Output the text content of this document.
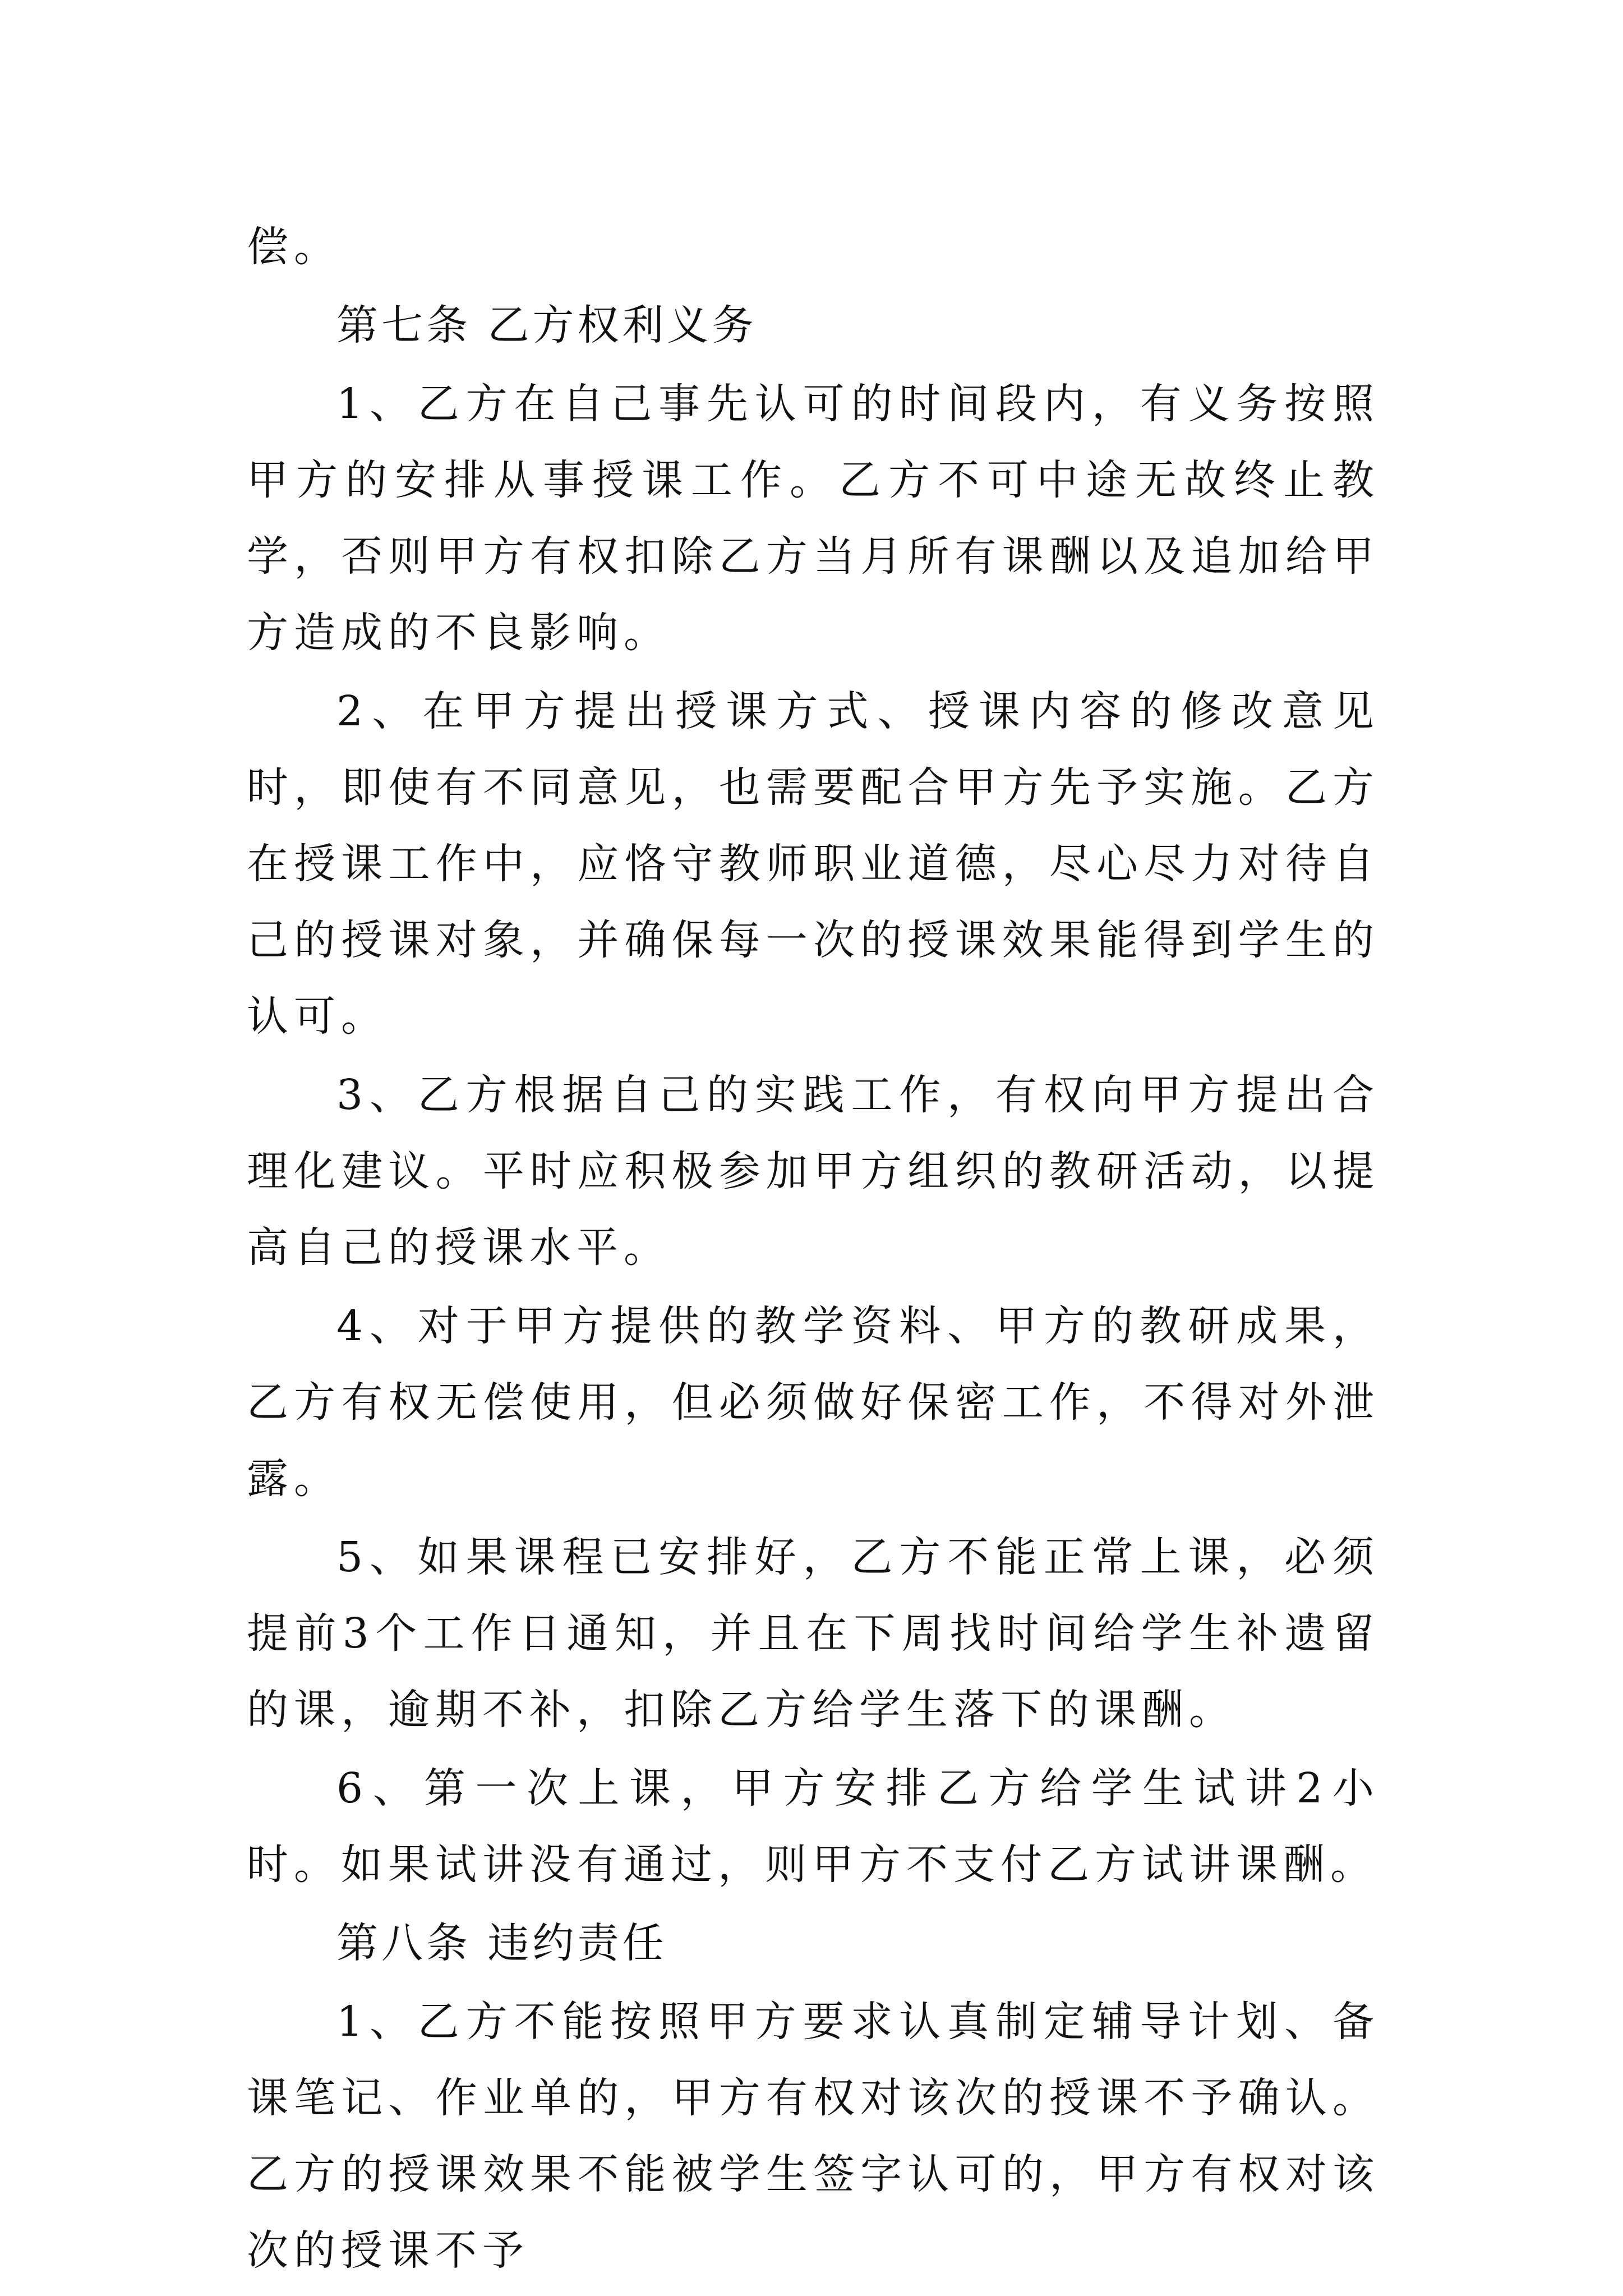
偿。

第七条 乙方权利义务

1、乙方在自己事先认可的时间段内，有义务按照甲方的安排从事授课工作。乙方不可中途无故终止教学，否则甲方有权扣除乙方当月所有课酬以及追加给甲方造成的不良影响。

2、在甲方提出授课方式、授课内容的修改意见时，即使有不同意见，也需要配合甲方先予实施。乙方在授课工作中，应恪守教师职业道德，尽心尽力对待自己的授课对象，并确保每一次的授课效果能得到学生的认可。

3、乙方根据自己的实践工作，有权向甲方提出合理化建议。平时应积极参加甲方组织的教研活动，以提高自己的授课水平。

4、对于甲方提供的教学资料、甲方的教研成果，乙方有权无偿使用，但必须做好保密工作，不得对外泄露。

5、如果课程已安排好，乙方不能正常上课，必须提前3个工作日通知，并且在下周找时间给学生补遗留的课，逾期不补，扣除乙方给学生落下的课酬。

6、第一次上课，甲方安排乙方给学生试讲2小时。如果试讲没有通过，则甲方不支付乙方试讲课酬。

第八条 违约责任

1、乙方不能按照甲方要求认真制定辅导计划、备课笔记、作业单的，甲方有权对该次的授课不予确认。乙方的授课效果不能被学生签字认可的，甲方有权对该次的授课不予
